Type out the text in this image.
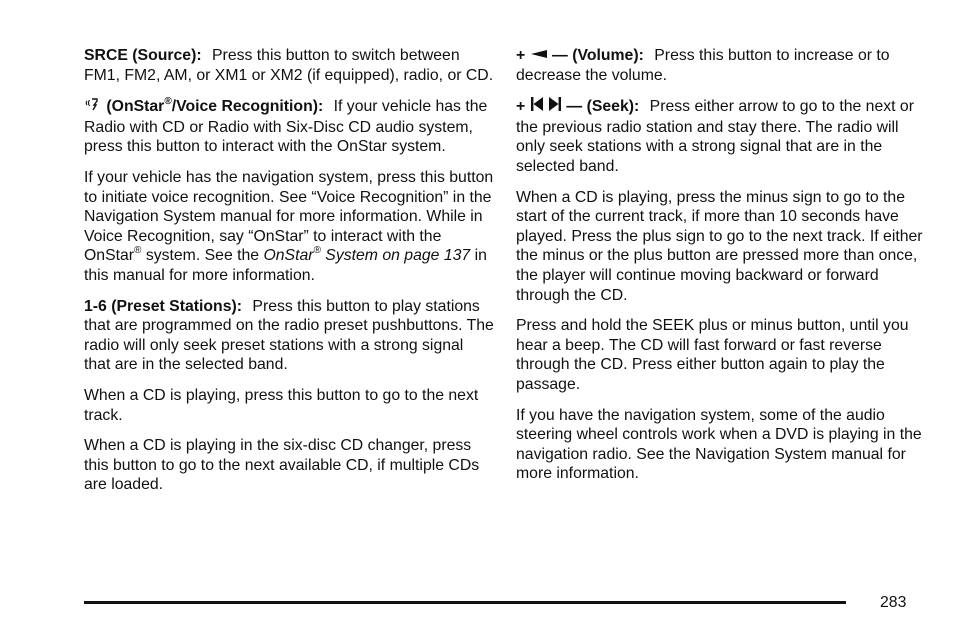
SRCE (Source): Press this button to switch between FM1, FM2, AM, or XM1 or XM2 (if equipped), radio, or CD.

(OnStar®/Voice Recognition): If your vehicle has the Radio with CD or Radio with Six-Disc CD audio system, press this button to interact with the OnStar system.

If your vehicle has the navigation system, press this button to initiate voice recognition. See “Voice Recognition” in the Navigation System manual for more information. While in Voice Recognition, say “OnStar” to interact with the OnStar® system. See the OnStar® System on page 137 in this manual for more information.

1-6 (Preset Stations): Press this button to play stations that are programmed on the radio preset pushbuttons. The radio will only seek preset stations with a strong signal that are in the selected band.

When a CD is playing, press this button to go to the next track.

When a CD is playing in the six-disc CD changer, press this button to go to the next available CD, if multiple CDs are loaded.

+ — (Volume): Press this button to increase or to decrease the volume.

+	— (Seek): Press either arrow to go to the next or the previous radio station and stay there. The radio will only seek stations with a strong signal that are in the selected band.

When a CD is playing, press the minus sign to go to the start of the current track, if more than 10 seconds have played. Press the plus sign to go to the next track. If either the minus or the plus button are pressed more than once, the player will continue moving backward or forward through the CD.

Press and hold the SEEK plus or minus button, until you hear a beep. The CD will fast forward or fast reverse through the CD. Press either button again to play the passage.

If you have the navigation system, some of the audio steering wheel controls work when a DVD is playing in the navigation radio. See the Navigation System manual for more information.

283
